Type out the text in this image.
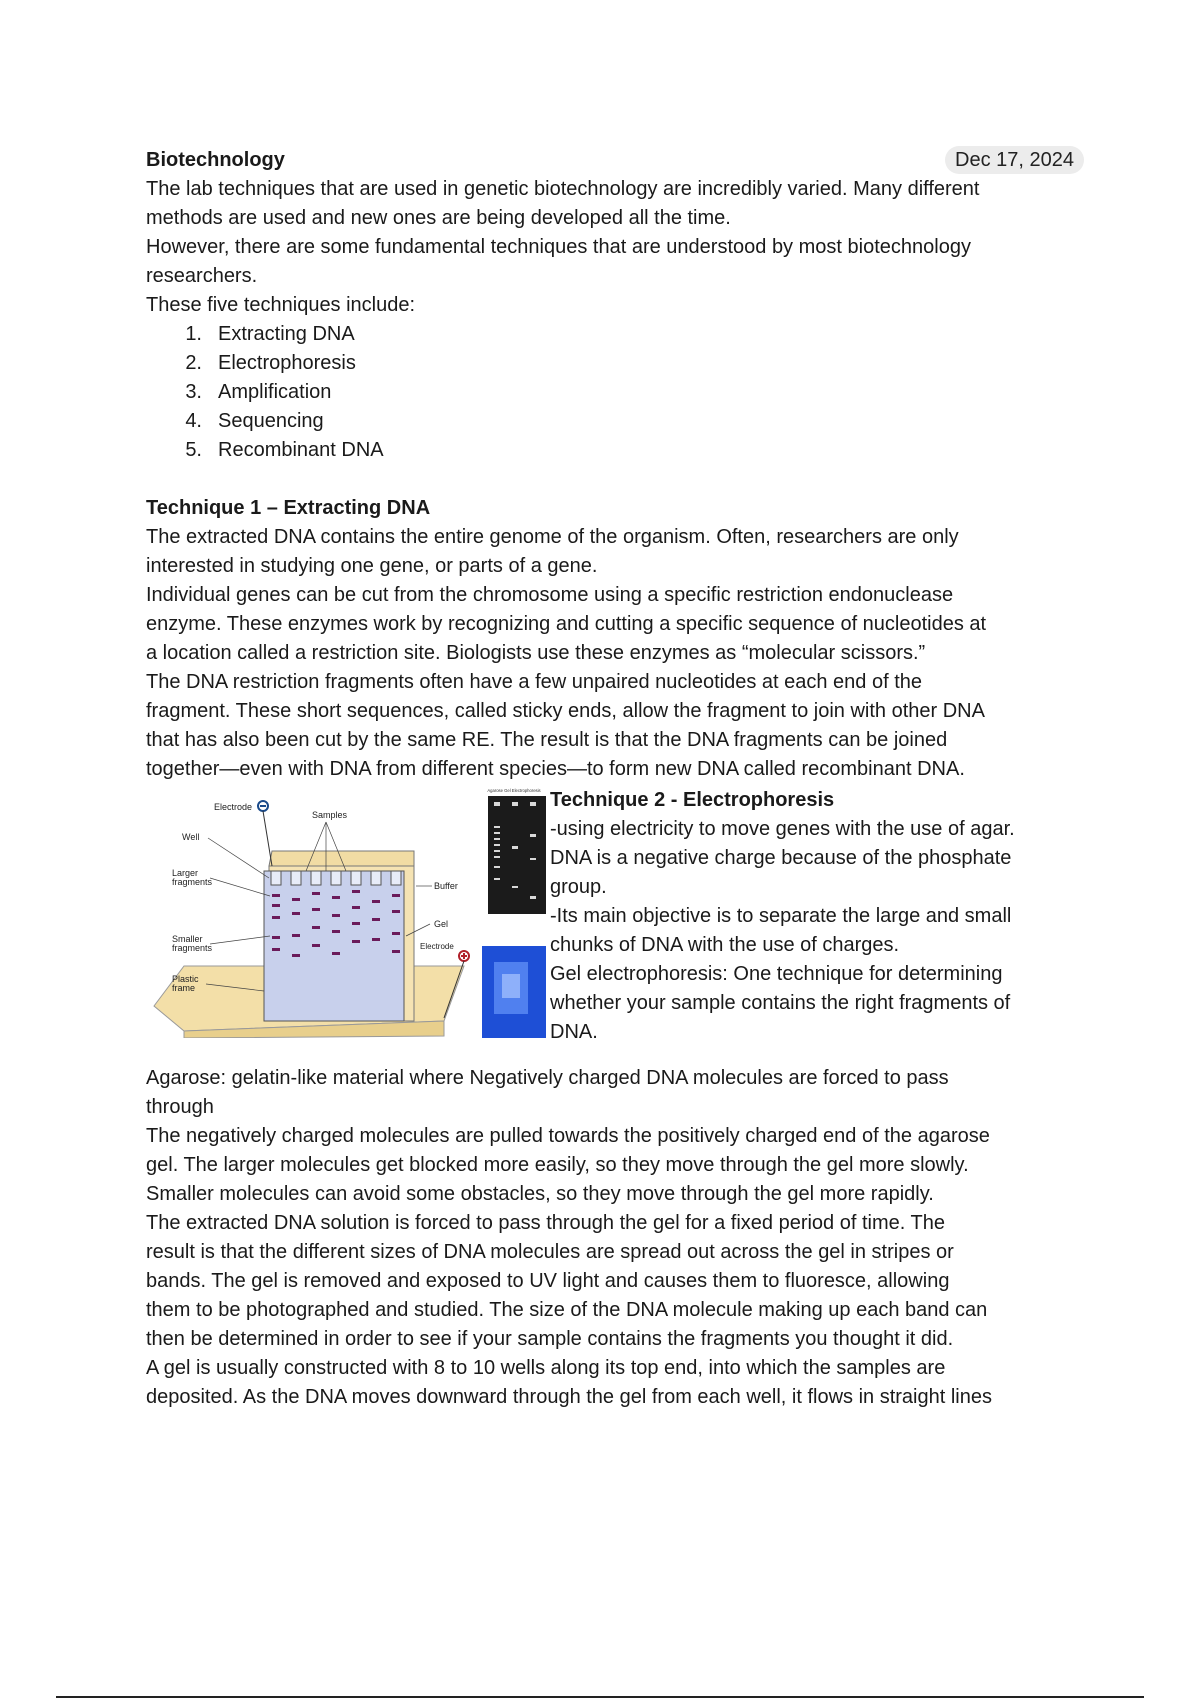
Biotechnology	Dec 17, 2024

The lab techniques that are used in genetic biotechnology are incredibly varied. Many different

methods are used and new ones are being developed all the time.

However, there are some fundamental techniques that are understood by most biotechnology

researchers.

These five techniques include:

1. Extracting DNA
2. Electrophoresis
3. Amplification
4. Sequencing
5. Recombinant DNA

Technique 1 – Extracting DNA

The extracted DNA contains the entire genome of the organism. Often, researchers are only

interested in studying one gene, or parts of a gene.

Individual genes can be cut from the chromosome using a specific restriction endonuclease

enzyme. These enzymes work by recognizing and cutting a specific sequence of nucleotides at

a location called a restriction site. Biologists use these enzymes as “molecular scissors.”

The DNA restriction fragments often have a few unpaired nucleotides at each end of the

fragment. These short sequences, called sticky ends, allow the fragment to join with other DNA

that has also been cut by the same RE. The result is that the DNA fragments can be joined

together—even with DNA from different species—to form new DNA called recombinant DNA.

Electrode
Samples
Well
Larger
fragments
Smaller
fragments
Plastic
frame
Buffer
Gel
Electrode
Agarose Gel Electrophoresis Technique 2 - Electrophoresis

-using electricity to move genes with the use of agar.

DNA is a negative charge because of the phosphate

group.

-Its main objective is to separate the large and small

chunks of DNA with the use of charges.

Gel electrophoresis: One technique for determining

whether your sample contains the right fragments of

DNA.

Agarose: gelatin-like material where Negatively charged DNA molecules are forced to pass

through

The negatively charged molecules are pulled towards the positively charged end of the agarose

gel. The larger molecules get blocked more easily, so they move through the gel more slowly.

Smaller molecules can avoid some obstacles, so they move through the gel more rapidly.

The extracted DNA solution is forced to pass through the gel for a fixed period of time. The

result is that the different sizes of DNA molecules are spread out across the gel in stripes or

bands. The gel is removed and exposed to UV light and causes them to fluoresce, allowing

them to be photographed and studied. The size of the DNA molecule making up each band can

then be determined in order to see if your sample contains the fragments you thought it did.

A gel is usually constructed with 8 to 10 wells along its top end, into which the samples are

deposited. As the DNA moves downward through the gel from each well, it flows in straight lines
